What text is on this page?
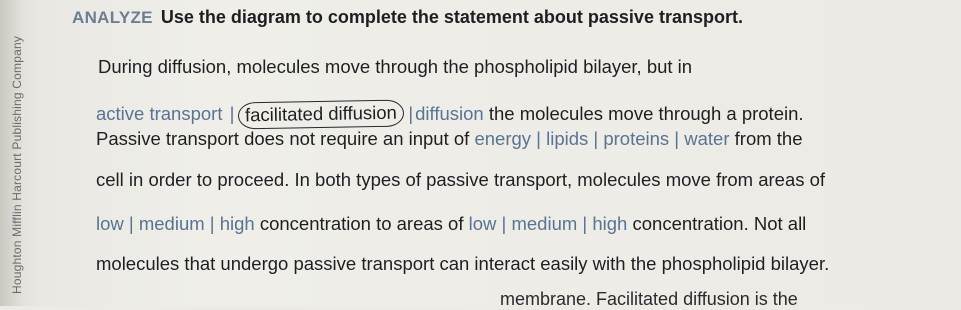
Houghton Mifflin Harcourt Publishing Company
ANALYZE Use the diagram to complete the statement about passive transport.
During diffusion, molecules move through the phospholipid bilayer, but in
active transport | facilitated diffusion | diffusion the molecules move through a protein.
Passive transport does not require an input of energy | lipids | proteins | water from the
cell in order to proceed. In both types of passive transport, molecules move from areas of
low | medium | high concentration to areas of low | medium | high concentration. Not all
molecules that undergo passive transport can interact easily with the phospholipid bilayer.
membrane. Facilitated diffusion is the
